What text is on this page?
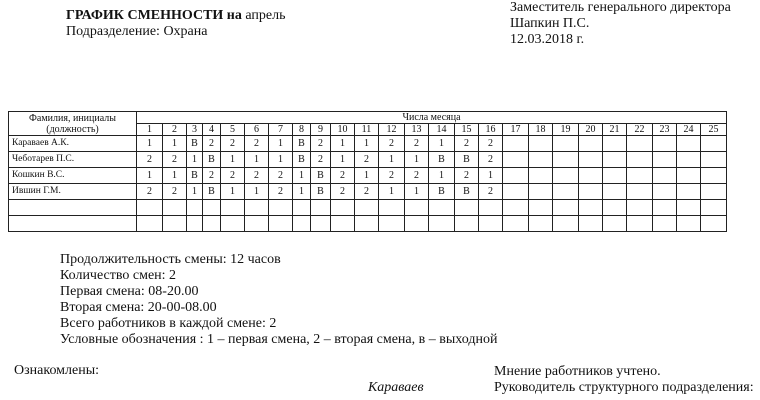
ГРАФИК СМЕННОСТИ на апрель
Подразделение: Охрана
Заместитель генерального директора
Шапкин П.С.
12.03.2018 г.
Фамилия, инициалы (должность)	Числа месяца																								
	1	2	3	4	5	6	7	8	9	10	11	12	13	14	15	16	17	18	19	20	21	22	23	24	25
Караваев А.К.	1	1	В	2	2	2	1	В	2	1	1	2	2	1	2	2									
Чеботарев П.С.	2	2	1	В	1	1	1	В	2	1	2	1	1	В	В	2									
Кошкин В.С.	1	1	В	2	2	2	2	1	В	2	1	2	2	1	2	1									
Ившин Г.М.	2	2	1	В	1	1	2	1	В	2	2	1	1	В	В	2									

Продолжительность смены: 12 часов
Количество смен: 2
Первая смена: 08-20.00
Вторая смена: 20-00-08.00
Всего работников в каждой смене: 2
Условные обозначения : 1 – первая смена, 2 – вторая смена, в – выходной
Ознакомлены:
Караваев
Мнение работников учтено.
Руководитель структурного подразделения:
